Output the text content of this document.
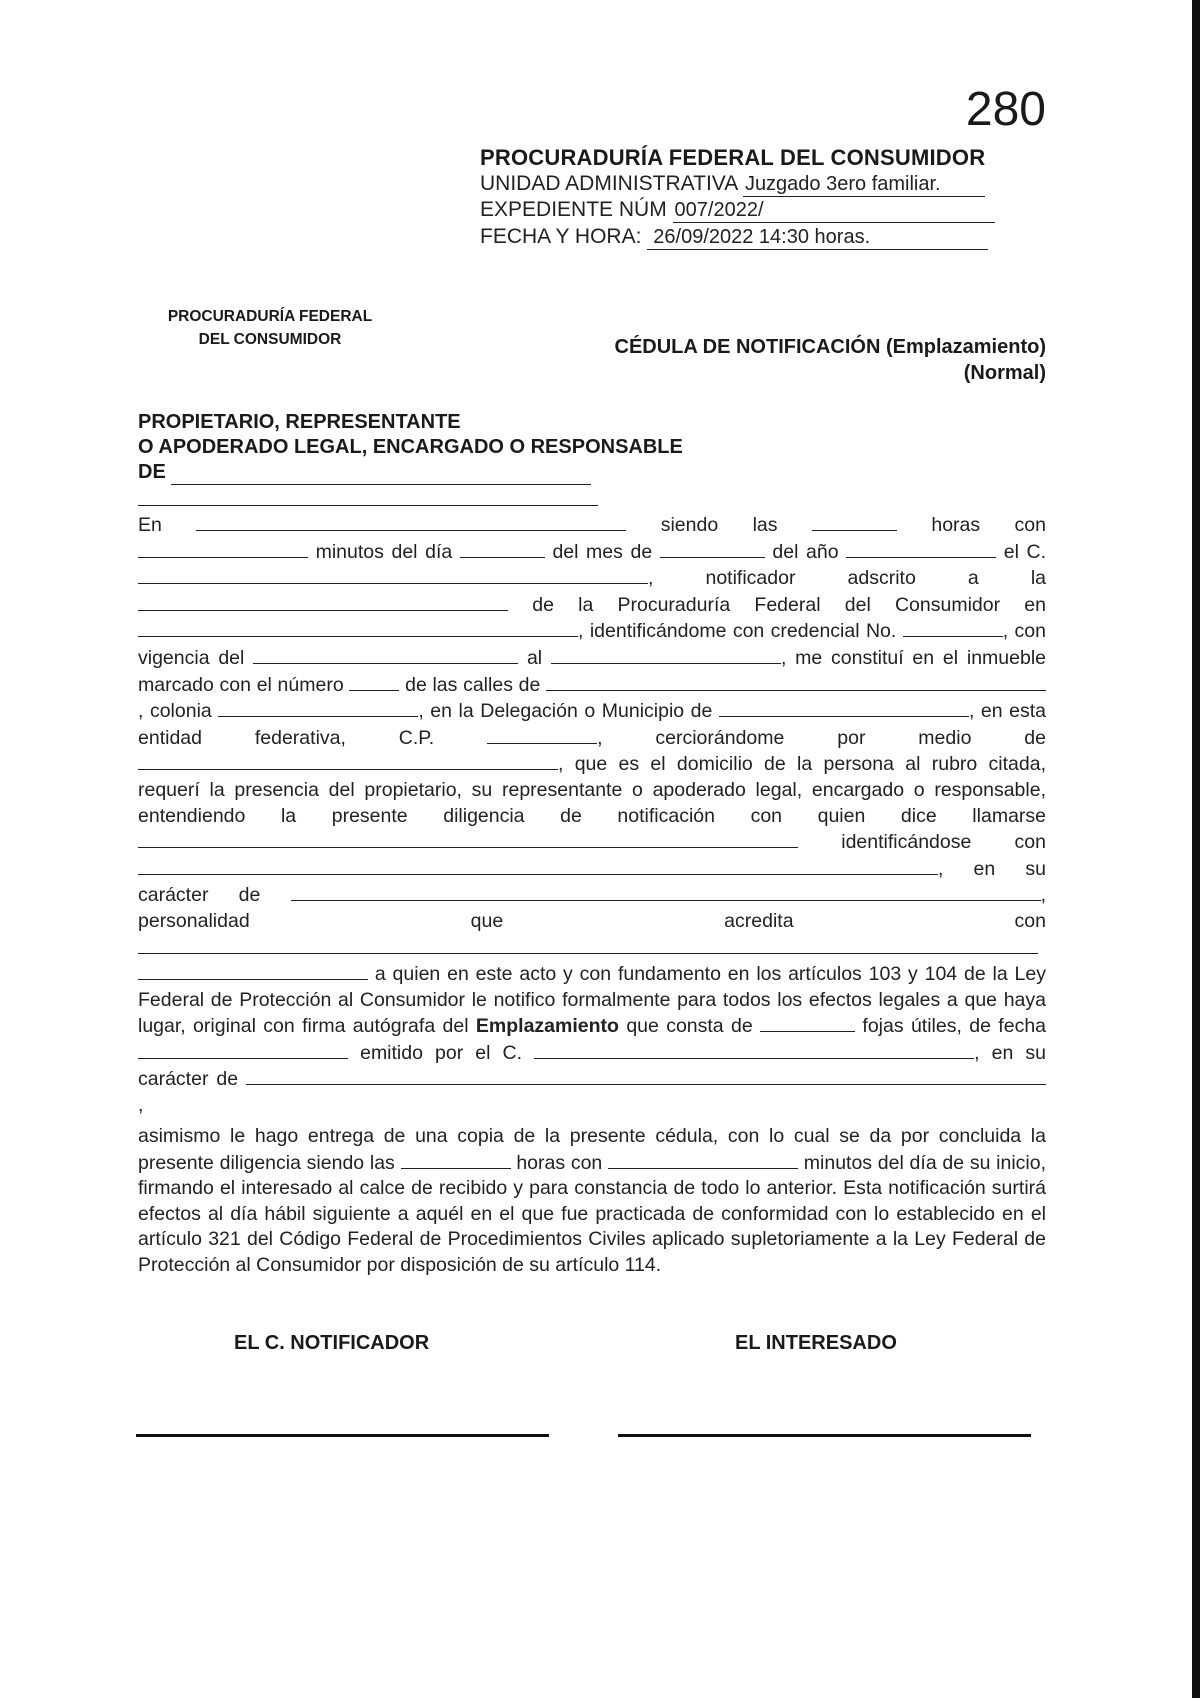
280
PROCURADURÍA FEDERAL DEL CONSUMIDOR
UNIDAD ADMINISTRATIVA Juzgado 3ero familiar.
EXPEDIENTE NÚM 007/2022/
FECHA Y HORA: 26/09/2022 14:30 horas.
PROCURADURÍA FEDERAL
DEL CONSUMIDOR	CÉDULA DE NOTIFICACIÓN (Emplazamiento)
(Normal)
PROPIETARIO, REPRESENTANTE
O APODERADO LEGAL, ENCARGADO O RESPONSABLE
DE
En	siendo las	horas con  minutos del día	del mes de	del año	el C. , notificador adscrito a la  de la Procuraduría Federal del Consumidor en , identificándome con credencial No.	, con vigencia del	al	, me constituí en el inmueble marcado con el número	de las calles de , colonia	, en la Delegación o Municipio de	, en esta entidad federativa, C.P.	, cerciorándome por medio de , que es el domicilio de la persona al rubro citada, requerí la presencia del propietario, su representante o apoderado legal, encargado o responsable, entendiendo la presente diligencia de notificación con quien dice llamarse  identificándose con , en su carácter de	, personalidad que acredita con   a quien en este acto y con fundamento en los artículos 103 y 104 de la Ley Federal de Protección al Consumidor le notifico formalmente para todos los efectos legales a que haya lugar, original con firma autógrafa del Emplazamiento que consta de	fojas útiles, de fecha  emitido por el C.	, en su carácter de ,
asimismo le hago entrega de una copia de la presente cédula, con lo cual se da por concluida la presente diligencia siendo las	horas con	minutos del día de su inicio, firmando el interesado al calce de recibido y para constancia de todo lo anterior. Esta notificación surtirá efectos al día hábil siguiente a aquél en el que fue practicada de conformidad con lo establecido en el artículo 321 del Código Federal de Procedimientos Civiles aplicado supletoriamente a la Ley Federal de Protección al Consumidor por disposición de su artículo 114.
EL C. NOTIFICADOR	EL INTERESADO
